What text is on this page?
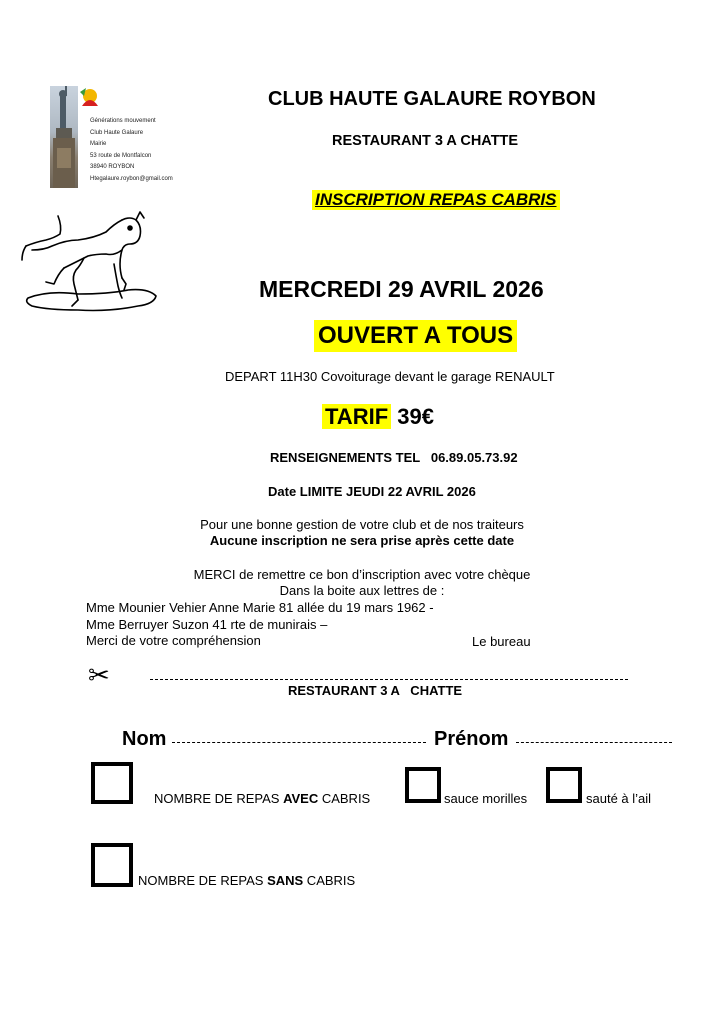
Générations mouvement
Club Haute Galaure
Mairie
53 route de Montfalcon
38940 ROYBON
Htegalaure.roybon@gmail.com
CLUB HAUTE GALAURE ROYBON
RESTAURANT 3 A CHATTE
INSCRIPTION REPAS CABRIS
MERCREDI 29 AVRIL 2026
OUVERT A TOUS
DEPART 11H30 Covoiturage devant le garage RENAULT
TARIF 39€
RENSEIGNEMENTS TEL   06.89.05.73.92
Date LIMITE JEUDI 22 AVRIL 2026
Pour une bonne gestion de votre club et de nos traiteurs
Aucune inscription ne sera prise après cette date
MERCI de remettre ce bon d’inscription avec votre chèque
Dans la boite aux lettres de :
Mme Mounier Vehier Anne Marie 81 allée du 19 mars 1962 -
Mme Berruyer Suzon 41 rte de munirais –
Merci de votre compréhension	Le bureau
✂
RESTAURANT 3 A   CHATTE
Nom	Prénom
NOMBRE DE REPAS AVEC CABRIS	sauce morilles	sauté à l’ail
NOMBRE DE REPAS SANS CABRIS
